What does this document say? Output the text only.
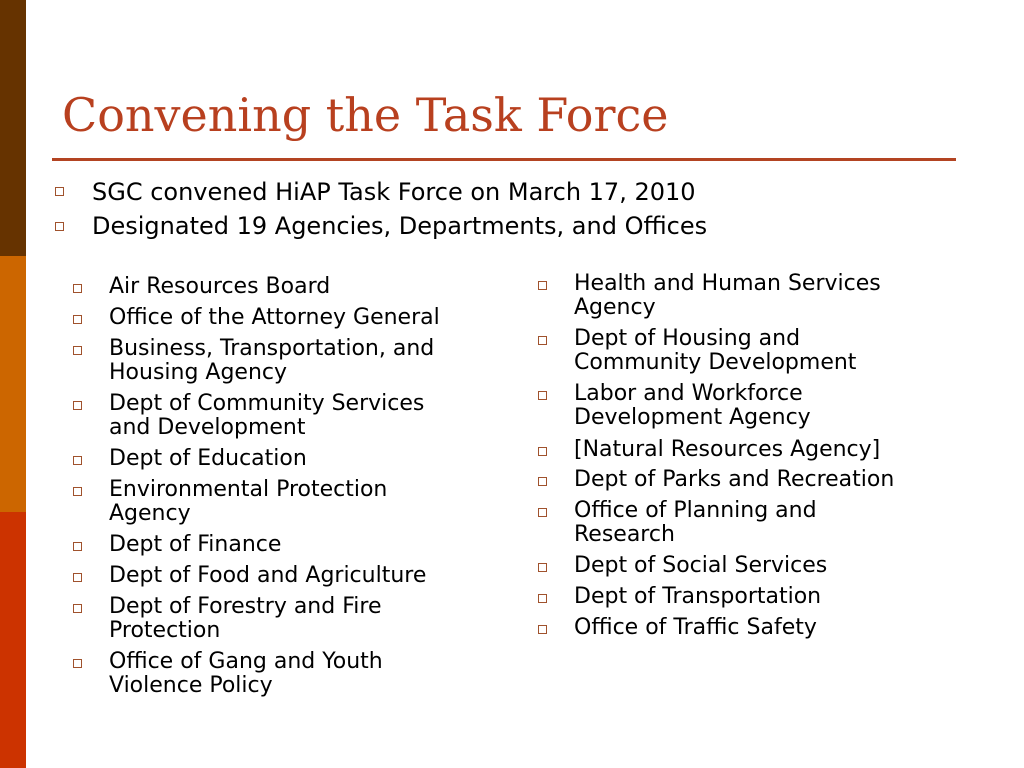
Convening the Task Force
SGC convened HiAP Task Force on March 17, 2010
Designated 19 Agencies, Departments, and Offices
Air Resources Board
Office of the Attorney General
Business, Transportation, and
Housing Agency
Dept of Community Services
and Development
Dept of Education
Environmental Protection
Agency
Dept of Finance
Dept of Food and Agriculture
Dept of Forestry and Fire
Protection
Office of Gang and Youth
Violence Policy
Health and Human Services
Agency
Dept of Housing and
Community Development
Labor and Workforce
Development Agency
[Natural Resources Agency]
Dept of Parks and Recreation
Office of Planning and
Research
Dept of Social Services
Dept of Transportation
Office of Traffic Safety
